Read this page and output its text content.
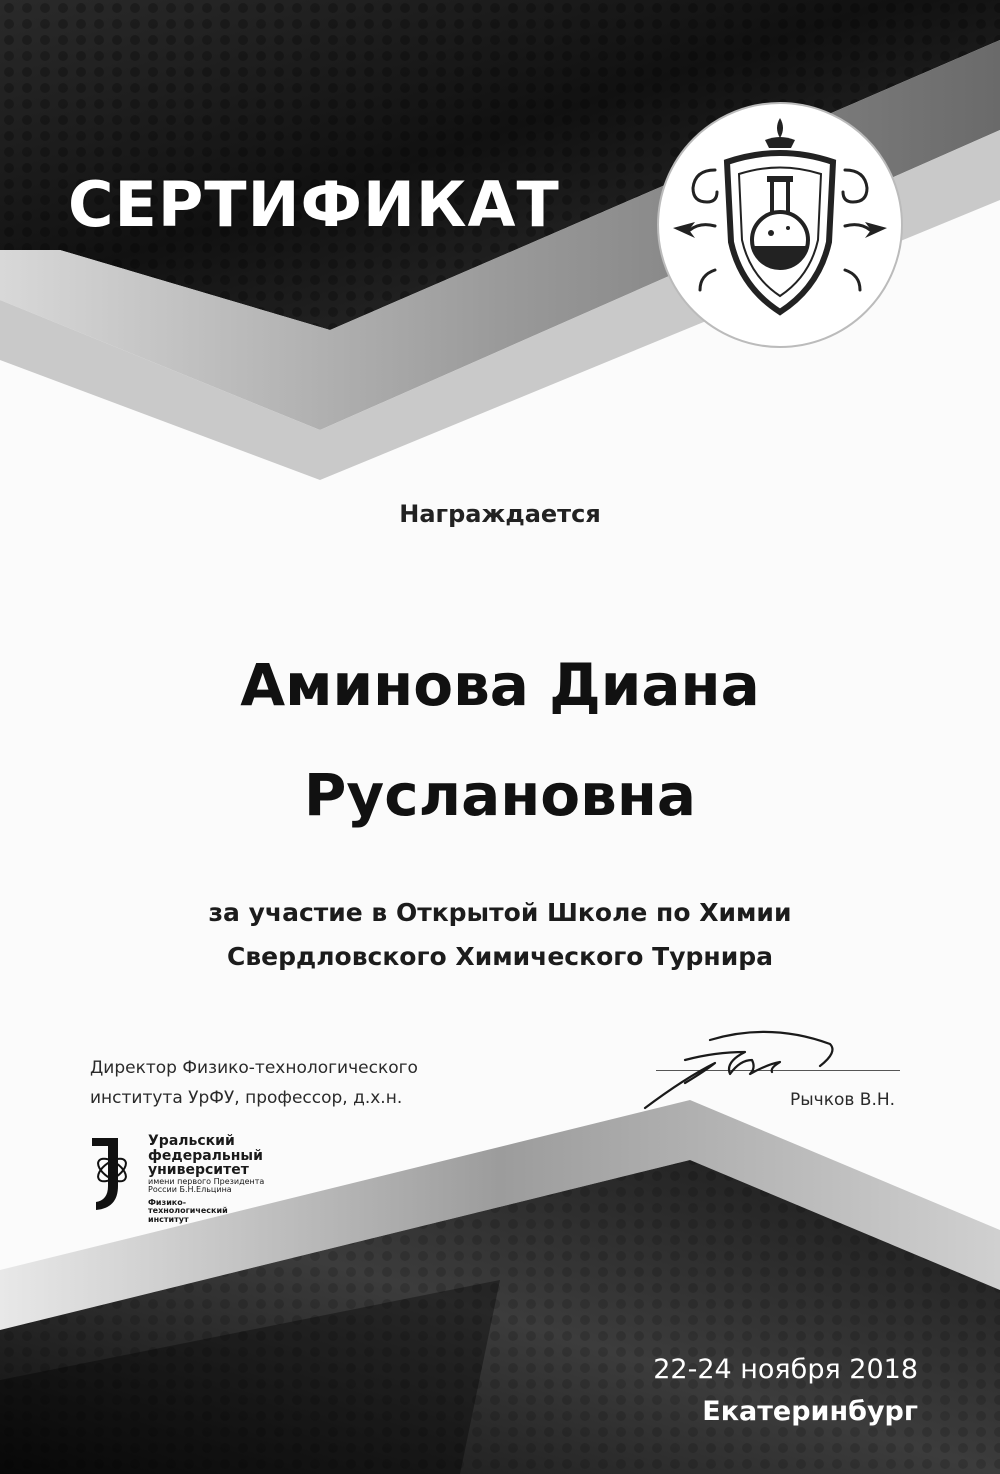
СЕРТИФИКАТ
Награждается
Аминова Диана
Руслановна
за участие в Открытой Школе по Химии
Свердловского Химического Турнира
Директор Физико-технологического
института УрФУ, профессор, д.х.н.	Рычков В.Н.
Уральский
федеральный
университет
имени первого Президента
России Б.Н.Ельцина
Физико-
технологический
институт
22-24 ноября 2018
Екатеринбург
